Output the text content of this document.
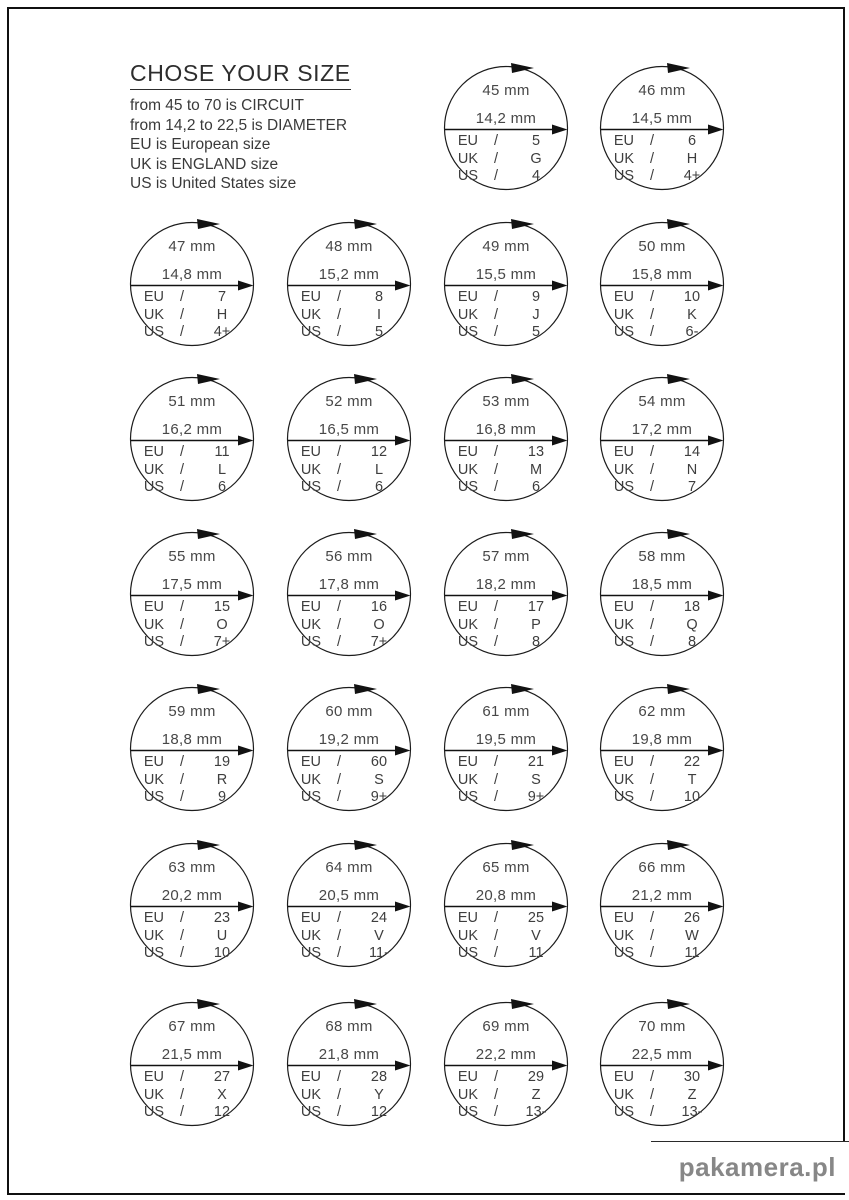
CHOSE YOUR SIZE
from 45 to 70 is CIRCUIT
from 14,2 to 22,5 is DIAMETER
EU is European size
UK is ENGLAND size
US is United States size
45 mm
14,2 mm
EU	/	5
UK	/	G
US	/	4
46 mm
14,5 mm
EU	/	6
UK	/	H
US	/	4+
47 mm
14,8 mm
EU	/	7
UK	/	H
US	/	4+
48 mm
15,2 mm
EU	/	8
UK	/	I
US	/	5
49 mm
15,5 mm
EU	/	9
UK	/	J
US	/	5
50 mm
15,8 mm
EU	/	10
UK	/	K
US	/	6-
51 mm
16,2 mm
EU	/	11
UK	/	L
US	/	6
52 mm
16,5 mm
EU	/	12
UK	/	L
US	/	6
53 mm
16,8 mm
EU	/	13
UK	/	M
US	/	6
54 mm
17,2 mm
EU	/	14
UK	/	N
US	/	7
55 mm
17,5 mm
EU	/	15
UK	/	O
US	/	7+
56 mm
17,8 mm
EU	/	16
UK	/	O
US	/	7+
57 mm
18,2 mm
EU	/	17
UK	/	P
US	/	8
58 mm
18,5 mm
EU	/	18
UK	/	Q
US	/	8
59 mm
18,8 mm
EU	/	19
UK	/	R
US	/	9
60 mm
19,2 mm
EU	/	60
UK	/	S
US	/	9+
61 mm
19,5 mm
EU	/	21
UK	/	S
US	/	9+
62 mm
19,8 mm
EU	/	22
UK	/	T
US	/	10
63 mm
20,2 mm
EU	/	23
UK	/	U
US	/	10
64 mm
20,5 mm
EU	/	24
UK	/	V
US	/	11-
65 mm
20,8 mm
EU	/	25
UK	/	V
US	/	11
66 mm
21,2 mm
EU	/	26
UK	/	W
US	/	11
67 mm
21,5 mm
EU	/	27
UK	/	X
US	/	12
68 mm
21,8 mm
EU	/	28
UK	/	Y
US	/	12
69 mm
22,2 mm
EU	/	29
UK	/	Z
US	/	13-
70 mm
22,5 mm
EU	/	30
UK	/	Z
US	/	13-
pakamera.pl
